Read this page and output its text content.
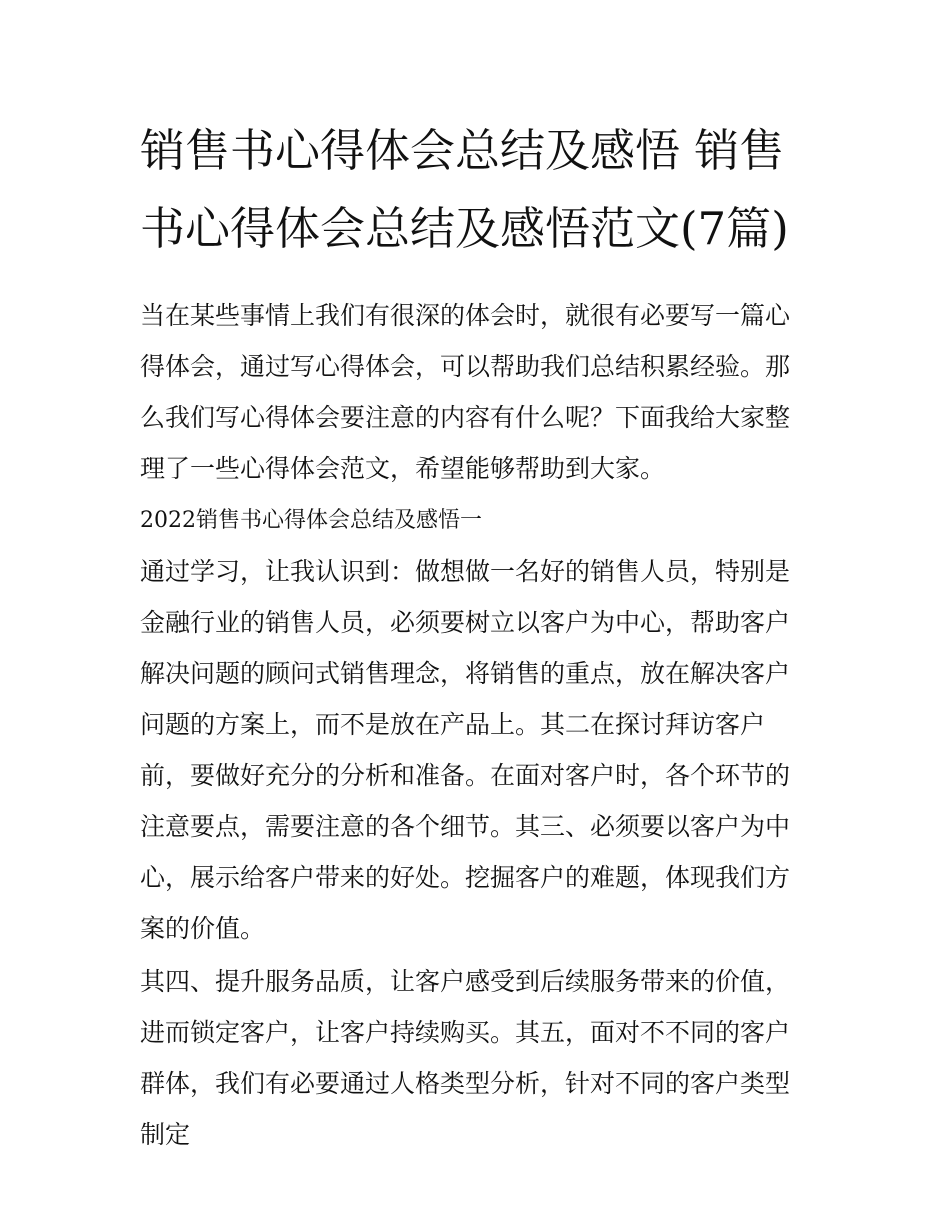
销售书心得体会总结及感悟 销售书心得体会总结及感悟范文(7篇)

当在某些事情上我们有很深的体会时，就很有必要写一篇心得体会，通过写心得体会，可以帮助我们总结积累经验。那么我们写心得体会要注意的内容有什么呢？下面我给大家整理了一些心得体会范文，希望能够帮助到大家。

2022销售书心得体会总结及感悟一

通过学习，让我认识到：做想做一名好的销售人员，特别是金融行业的销售人员，必须要树立以客户为中心，帮助客户解决问题的顾问式销售理念，将销售的重点，放在解决客户问题的方案上，而不是放在产品上。其二在探讨拜访客户前，要做好充分的分析和准备。在面对客户时，各个环节的注意要点，需要注意的各个细节。其三、必须要以客户为中心，展示给客户带来的好处。挖掘客户的难题，体现我们方案的价值。

其四、提升服务品质，让客户感受到后续服务带来的价值，进而锁定客户，让客户持续购买。其五，面对不不同的客户群体，我们有必要通过人格类型分析，针对不同的客户类型制定
